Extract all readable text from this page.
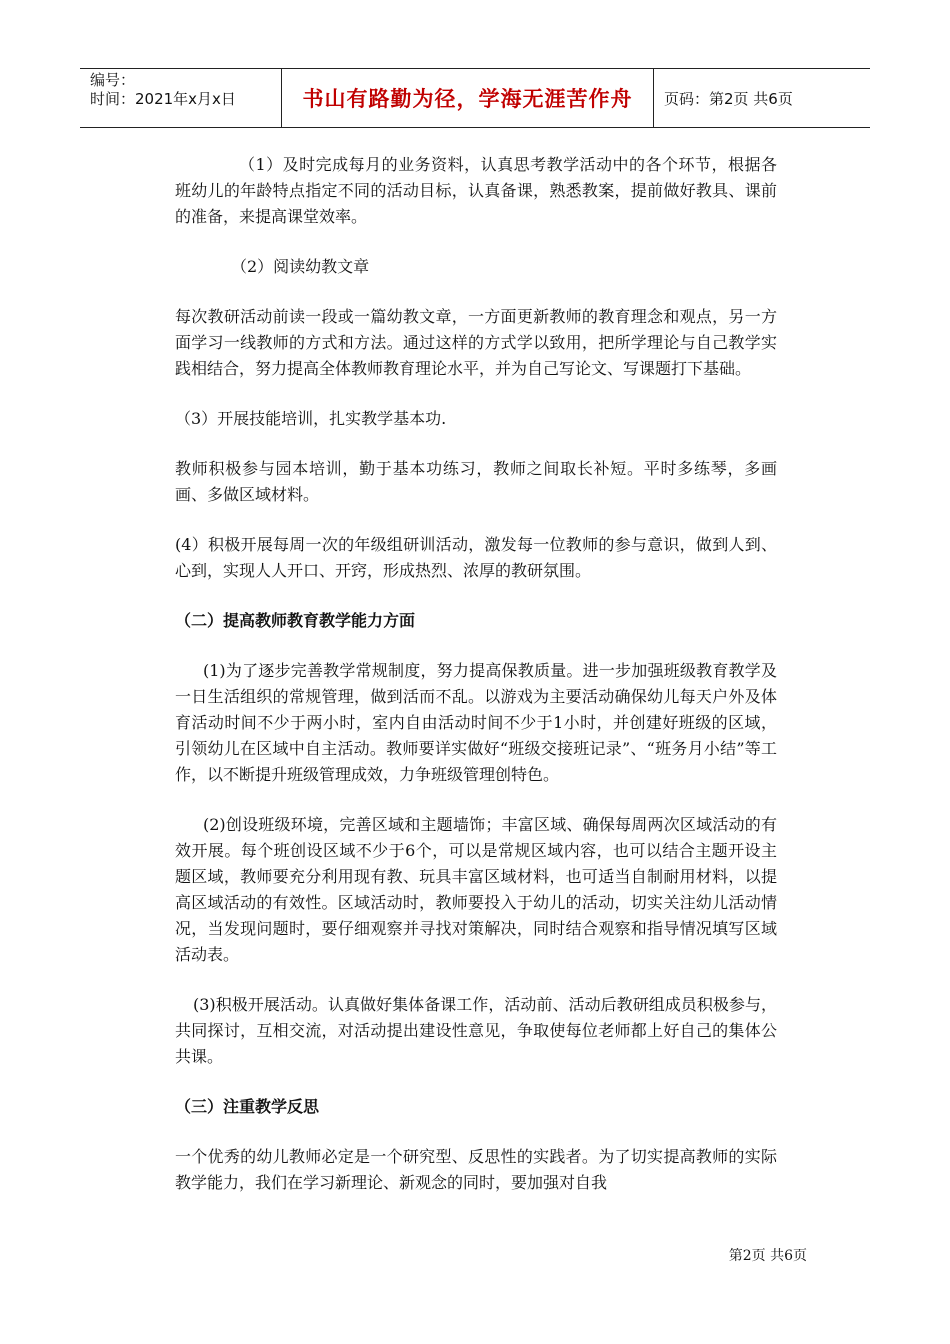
编号：
时间：2021年x月x日	书山有路勤为径，学海无涯苦作舟	页码：第2页 共6页

（1）及时完成每月的业务资料，认真思考教学活动中的各个环节，根据各班幼儿的年龄特点指定不同的活动目标，认真备课，熟悉教案，提前做好教具、课前的准备，来提高课堂效率。

（2）阅读幼教文章

每次教研活动前读一段或一篇幼教文章，一方面更新教师的教育理念和观点，另一方面学习一线教师的方式和方法。通过这样的方式学以致用，把所学理论与自己教学实践相结合，努力提高全体教师教育理论水平，并为自己写论文、写课题打下基础。

（3）开展技能培训，扎实教学基本功.

教师积极参与园本培训，勤于基本功练习，教师之间取长补短。平时多练琴，多画画、多做区域材料。

(4）积极开展每周一次的年级组研训活动，激发每一位教师的参与意识，做到人到、心到，实现人人开口、开窍，形成热烈、浓厚的教研氛围。

（二）提高教师教育教学能力方面

(1)为了逐步完善教学常规制度，努力提高保教质量。进一步加强班级教育教学及一日生活组织的常规管理，做到活而不乱。以游戏为主要活动确保幼儿每天户外及体育活动时间不少于两小时，室内自由活动时间不少于1小时，并创建好班级的区域，引领幼儿在区域中自主活动。教师要详实做好“班级交接班记录”、“班务月小结”等工作，以不断提升班级管理成效，力争班级管理创特色。

(2)创设班级环境，完善区域和主题墙饰；丰富区域、确保每周两次区域活动的有效开展。每个班创设区域不少于6个，可以是常规区域内容，也可以结合主题开设主题区域，教师要充分利用现有教、玩具丰富区域材料，也可适当自制耐用材料，以提高区域活动的有效性。区域活动时，教师要投入于幼儿的活动，切实关注幼儿活动情况，当发现问题时，要仔细观察并寻找对策解决，同时结合观察和指导情况填写区域活动表。

(3)积极开展活动。认真做好集体备课工作，活动前、活动后教研组成员积极参与，共同探讨，互相交流，对活动提出建设性意见，争取使每位老师都上好自己的集体公共课。

（三）注重教学反思

一个优秀的幼儿教师必定是一个研究型、反思性的实践者。为了切实提高教师的实际教学能力，我们在学习新理论、新观念的同时，要加强对自我

第2页 共6页
